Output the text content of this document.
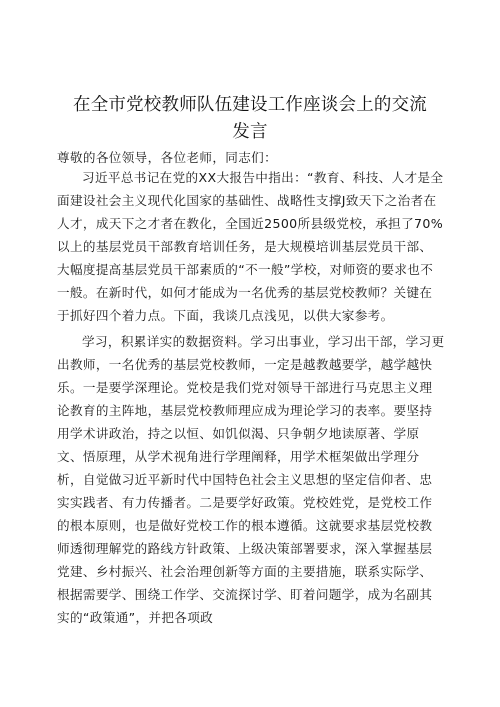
在全市党校教师队伍建设工作座谈会上的交流
发言

尊敬的各位领导，各位老师，同志们：

习近平总书记在党的XX大报告中指出：“教育、科技、人才是全面建设社会主义现代化国家的基础性、战略性支撑J致天下之治者在人才，成天下之才者在教化，全国近2500所县级党校，承担了70%以上的基层党员干部教育培训任务，是大规模培训基层党员干部、大幅度提高基层党员干部素质的“不一般”学校，对师资的要求也不一般。在新时代，如何才能成为一名优秀的基层党校教师？关键在于抓好四个着力点。下面，我谈几点浅见，以供大家参考。

学习，积累详实的数据资料。学习出事业，学习出干部，学习更出教师，一名优秀的基层党校教师，一定是越教越要学，越学越快乐。一是要学深理论。党校是我们党对领导干部进行马克思主义理论教育的主阵地，基层党校教师理应成为理论学习的表率。要坚持用学术讲政治，持之以恒、如饥似渴、只争朝夕地读原著、学原文、悟原理，从学术视角进行学理阐释，用学术框架做出学理分析，自觉做习近平新时代中国特色社会主义思想的坚定信仰者、忠实实践者、有力传播者。二是要学好政策。党校姓党，是党校工作的根本原则，也是做好党校工作的根本遵循。这就要求基层党校教师透彻理解党的路线方针政策、上级决策部署要求，深入掌握基层党建、乡村振兴、社会治理创新等方面的主要措施，联系实际学、根据需要学、围绕工作学、交流探讨学、盯着问题学，成为名副其实的“政策通”，并把各项政
